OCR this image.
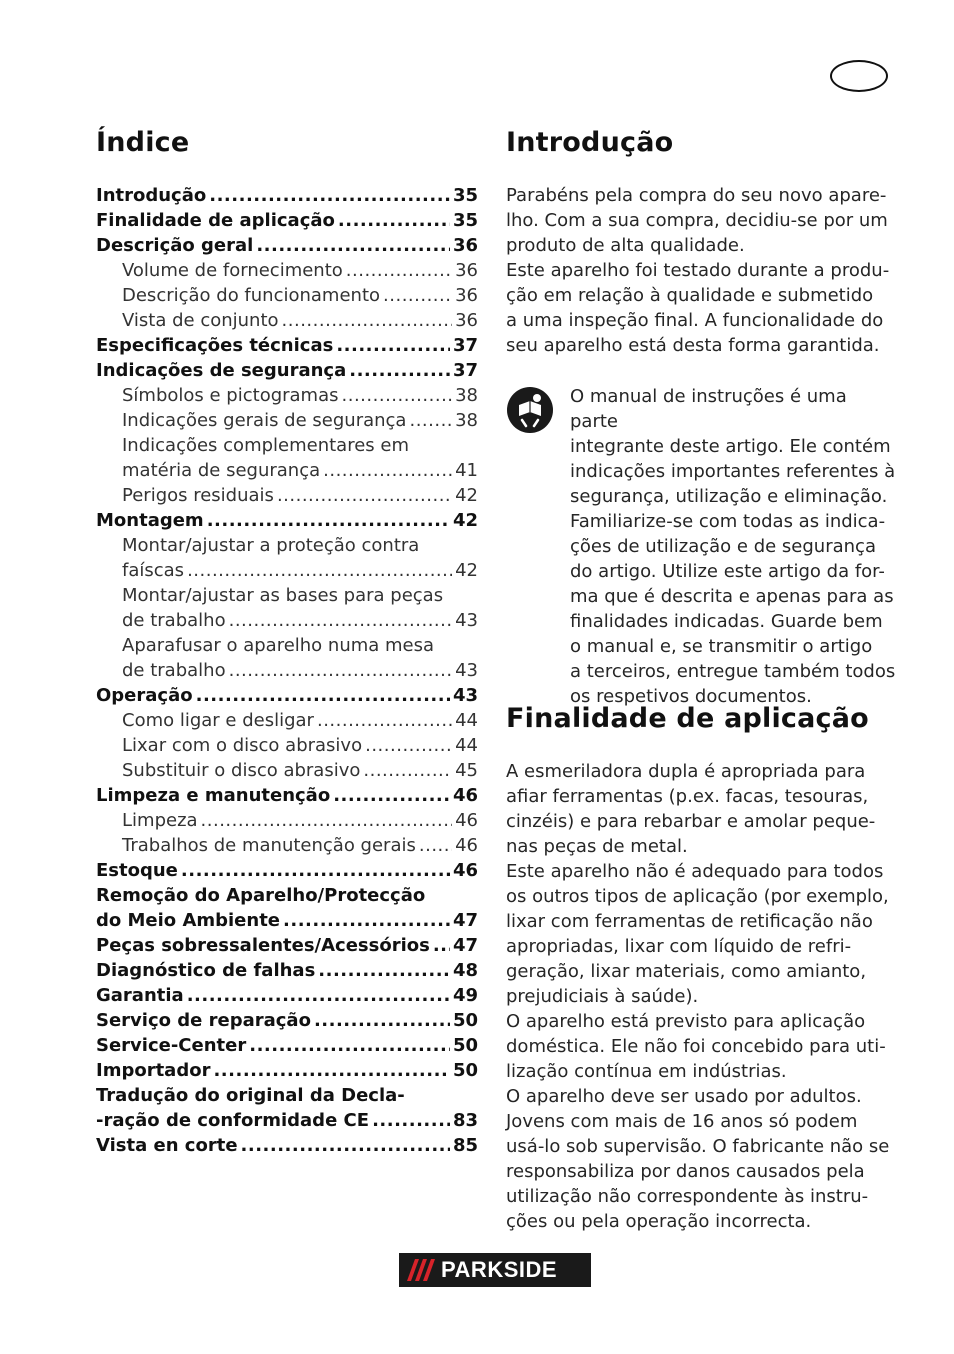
Índice
Introdução .....	35
Finalidade de aplicação .....	35
Descrição geral .....	36
Volume de fornecimento .....	36
Descrição do funcionamento .....	36
Vista de conjunto .....	36
Especificações técnicas .....	37
Indicações de segurança .....	37
Símbolos e pictogramas .....	38
Indicações gerais de segurança .....	38
Indicações complementares em
matéria de segurança .....	41
Perigos residuais .....	42
Montagem .....	42
Montar/ajustar a proteção contra
faíscas .....	42
Montar/ajustar as bases para peças
de trabalho .....	43
Aparafusar o aparelho numa mesa
de trabalho .....	43
Operação .....	43
Como ligar e desligar .....	44
Lixar com o disco abrasivo .....	44
Substituir o disco abrasivo .....	45
Limpeza e manutenção .....	46
Limpeza .....	46
Trabalhos de manutenção gerais ..... 46
Estoque .....	46
Remoção do Aparelho/Protecção
do Meio Ambiente .....	47
Peças sobressalentes/Acessórios ..... 47
Diagnóstico de falhas .....	48
Garantia .....	49
Serviço de reparação .....	50
Service-Center .....	50
Importador .....	50
Tradução do original da Decla-
-ração de conformidade CE .....	83
Vista en corte .....	85
Introdução

Parabéns pela compra do seu novo apare-

lho. Com a sua compra, decidiu-se por um

produto de alta qualidade.

Este aparelho foi testado durante a produ-

ção em relação à qualidade e submetido

a uma inspeção final. A funcionalidade do

seu aparelho está desta forma garantida.

O manual de instruções é uma parte

integrante deste artigo. Ele contém

indicações importantes referentes à

segurança, utilização e eliminação.

Familiarize-se com todas as indica-

ções de utilização e de segurança

do artigo. Utilize este artigo da for-

ma que é descrita e apenas para as

finalidades indicadas. Guarde bem

o manual e, se transmitir o artigo

a terceiros, entregue também todos

os respetivos documentos.

Finalidade de aplicação

A esmeriladora dupla é apropriada para

afiar ferramentas (p.ex. facas, tesouras,

cinzéis) e para rebarbar e amolar peque-

nas peças de metal.

Este aparelho não é adequado para todos

os outros tipos de aplicação (por exemplo,

lixar com ferramentas de retificação não

apropriadas, lixar com líquido de refri-

geração, lixar materiais, como amianto,

prejudiciais à saúde).

O aparelho está previsto para aplicação

doméstica. Ele não foi concebido para uti-

lização contínua em indústrias.

O aparelho deve ser usado por adultos.

Jovens com mais de 16 anos só podem

usá-lo sob supervisão. O fabricante não se

responsabiliza por danos causados pela

utilização não correspondente às instru-

ções ou pela operação incorrecta.

PARKSIDE
